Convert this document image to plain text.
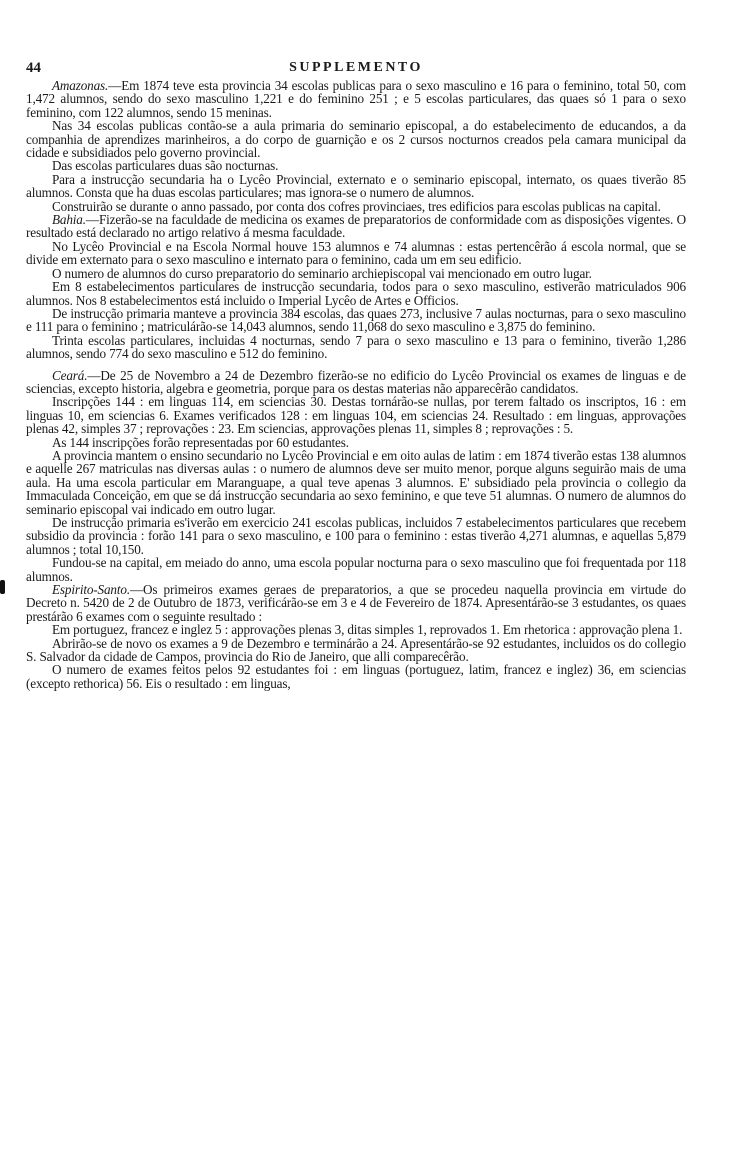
44	SUPPLEMENTO

Amazonas.—Em 1874 teve esta provincia 34 escolas publicas para o sexo masculino e 16 para o feminino, total 50, com 1,472 alumnos, sendo do sexo masculino 1,221 e do feminino 251 ; e 5 escolas particulares, das quaes só 1 para o sexo feminino, com 122 alumnos, sendo 15 meninas.

Nas 34 escolas publicas contão-se a aula primaria do seminario episcopal, a do estabelecimento de educandos, a da companhia de aprendizes marinheiros, a do corpo de guarnição e os 2 cursos nocturnos creados pela camara municipal da cidade e subsidiados pelo governo provincial.

Das escolas particulares duas são nocturnas.

Para a instrucção secundaria ha o Lycêo Provincial, externato e o seminario episcopal, internato, os quaes tiverão 85 alumnos. Consta que ha duas escolas particulares; mas ignora-se o numero de alumnos.

Construirão se durante o anno passado, por conta dos cofres provinciaes, tres edificios para escolas publicas na capital.

Bahia.—Fizerão-se na faculdade de medicina os exames de preparatorios de conformidade com as disposições vigentes. O resultado está declarado no artigo relativo á mesma faculdade.

No Lycêo Provincial e na Escola Normal houve 153 alumnos e 74 alumnas : estas pertencêrão á escola normal, que se divide em externato para o sexo masculino e internato para o feminino, cada um em seu edificio.

O numero de alumnos do curso preparatorio do seminario archiepiscopal vai mencionado em outro lugar.

Em 8 estabelecimentos particulares de instrucção secundaria, todos para o sexo masculino, estiverão matriculados 906 alumnos. Nos 8 estabelecimentos está incluido o Imperial Lycêo de Artes e Officios.

De instrucção primaria manteve a provincia 384 escolas, das quaes 273, inclusive 7 aulas nocturnas, para o sexo masculino e 111 para o feminino ; matriculárão-se 14,043 alumnos, sendo 11,068 do sexo masculino e 3,875 do feminino.

Trinta escolas particulares, incluidas 4 nocturnas, sendo 7 para o sexo masculino e 13 para o feminino, tiverão 1,286 alumnos, sendo 774 do sexo masculino e 512 do feminino.

Ceará.—De 25 de Novembro a 24 de Dezembro fizerão-se no edificio do Lycêo Provincial os exames de linguas e de sciencias, excepto historia, algebra e geometria, porque para os destas materias não apparecêrão candidatos.

Inscripções 144 : em linguas 114, em sciencias 30. Destas tornárão-se nullas, por terem faltado os inscriptos, 16 : em linguas 10, em sciencias 6. Exames verificados 128 : em linguas 104, em sciencias 24. Resultado : em linguas, approvações plenas 42, simples 37 ; reprovações : 23. Em sciencias, approvações plenas 11, simples 8 ; reprovações : 5.

As 144 inscripções forão representadas por 60 estudantes.

A provincia mantem o ensino secundario no Lycêo Provincial e em oito aulas de latim : em 1874 tiverão estas 138 alumnos e aquelle 267 matriculas nas diversas aulas : o numero de alumnos deve ser muito menor, porque alguns seguirão mais de uma aula. Ha uma escola particular em Maranguape, a qual teve apenas 3 alumnos. E' subsidiado pela provincia o collegio da Immaculada Conceição, em que se dá instrucção secundaria ao sexo feminino, e que teve 51 alumnas. O numero de alumnos do seminario episcopal vai indicado em outro lugar.

De instrucção primaria es'iverão em exercicio 241 escolas publicas, incluidos 7 estabelecimentos particulares que recebem subsidio da provincia : forão 141 para o sexo masculino, e 100 para o feminino : estas tiverão 4,271 alumnas, e aquellas 5,879 alumnos ; total 10,150.

Fundou-se na capital, em meiado do anno, uma escola popular nocturna para o sexo masculino que foi frequentada por 118 alumnos.

Espirito-Santo.—Os primeiros exames geraes de preparatorios, a que se procedeu naquella provincia em virtude do Decreto n. 5420 de 2 de Outubro de 1873, verificárão-se em 3 e 4 de Fevereiro de 1874. Apresentárão-se 3 estudantes, os quaes prestárão 6 exames com o seguinte resultado :

Em portuguez, francez e inglez 5 : approvações plenas 3, ditas simples 1, reprovados 1. Em rhetorica : approvação plena 1.

Abrirão-se de novo os exames a 9 de Dezembro e terminárão a 24. Apresentárão-se 92 estudantes, incluidos os do collegio S. Salvador da cidade de Campos, provincia do Rio de Janeiro, que alli comparecêrão.

O numero de exames feitos pelos 92 estudantes foi : em linguas (portuguez, latim, francez e inglez) 36, em sciencias (excepto rethorica) 56. Eis o resultado : em linguas,
